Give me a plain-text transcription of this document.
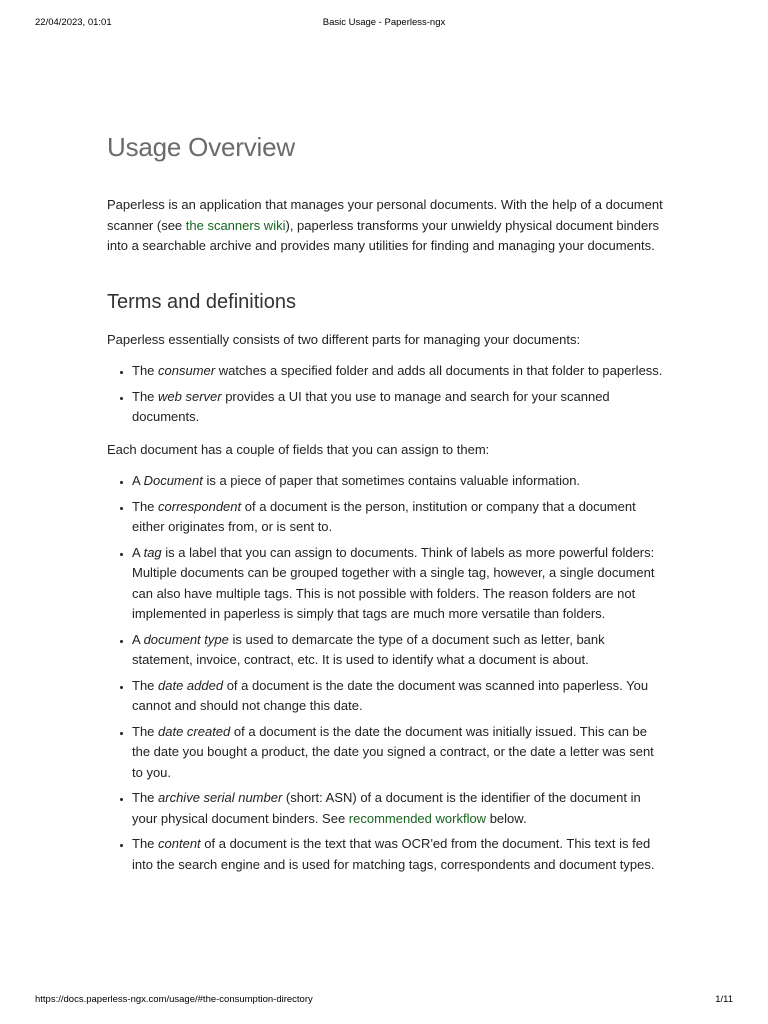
22/04/2023, 01:01	Basic Usage - Paperless-ngx
Usage Overview

Paperless is an application that manages your personal documents. With the help of a document scanner (see the scanners wiki), paperless transforms your unwieldy physical document binders into a searchable archive and provides many utilities for finding and managing your documents.

Terms and definitions

Paperless essentially consists of two different parts for managing your documents:

• The consumer watches a specified folder and adds all documents in that folder to paperless.
• The web server provides a UI that you use to manage and search for your scanned documents.

Each document has a couple of fields that you can assign to them:

• A Document is a piece of paper that sometimes contains valuable information.
• The correspondent of a document is the person, institution or company that a document either originates from, or is sent to.
• A tag is a label that you can assign to documents. Think of labels as more powerful folders: Multiple documents can be grouped together with a single tag, however, a single document can also have multiple tags. This is not possible with folders. The reason folders are not implemented in paperless is simply that tags are much more versatile than folders.
• A document type is used to demarcate the type of a document such as letter, bank statement, invoice, contract, etc. It is used to identify what a document is about.
• The date added of a document is the date the document was scanned into paperless. You cannot and should not change this date.
• The date created of a document is the date the document was initially issued. This can be the date you bought a product, the date you signed a contract, or the date a letter was sent to you.
• The archive serial number (short: ASN) of a document is the identifier of the document in your physical document binders. See recommended workflow below.
• The content of a document is the text that was OCR'ed from the document. This text is fed into the search engine and is used for matching tags, correspondents and document types.
https://docs.paperless-ngx.com/usage/#the-consumption-directory	1/11
